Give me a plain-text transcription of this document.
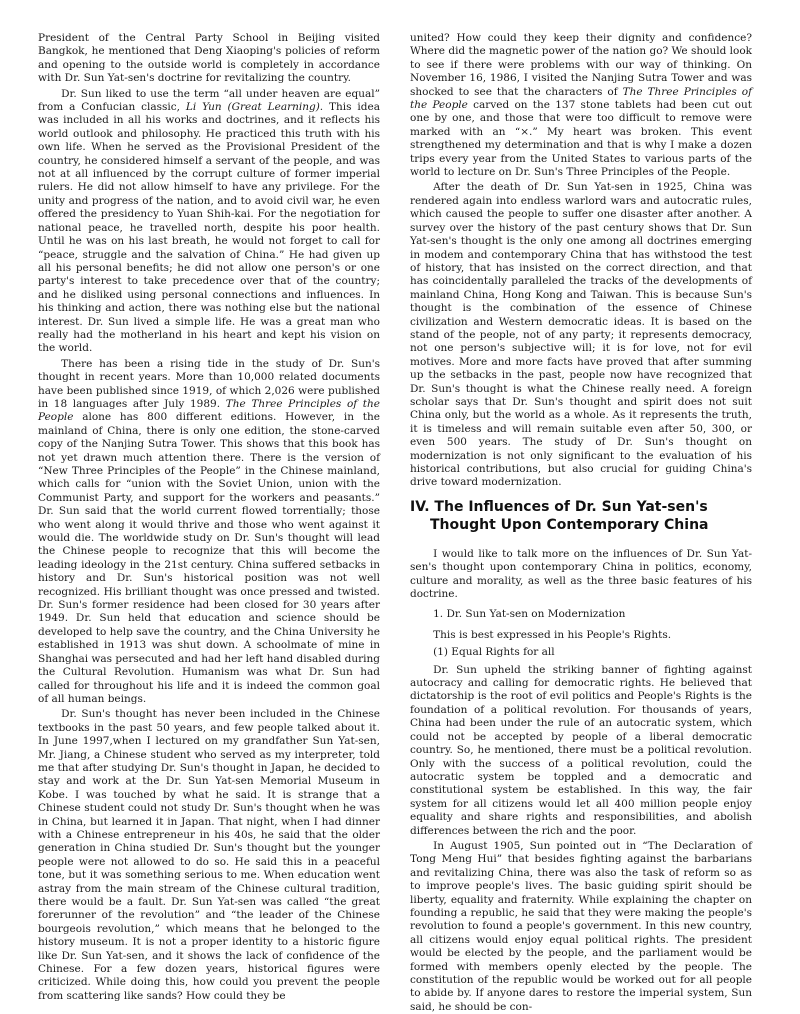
President of the Central Party School in Beijing visited Bangkok, he mentioned that Deng Xiaoping's policies of reform and opening to the outside world is completely in accordance with Dr. Sun Yat-sen's doctrine for revitalizing the country.

Dr. Sun liked to use the term “all under heaven are equal” from a Confucian classic, Li Yun (Great Learning). This idea was included in all his works and doctrines, and it reflects his world outlook and philosophy. He practiced this truth with his own life. When he served as the Provisional President of the country, he considered himself a servant of the people, and was not at all influenced by the corrupt culture of former imperial rulers. He did not allow himself to have any privilege. For the unity and progress of the nation, and to avoid civil war, he even offered the presidency to Yuan Shih-kai. For the negotiation for national peace, he travelled north, despite his poor health. Until he was on his last breath, he would not forget to call for “peace, struggle and the salvation of China.” He had given up all his personal benefits; he did not allow one person's or one party's interest to take precedence over that of the country; and he disliked using personal connections and influences. In his thinking and action, there was nothing else but the national interest. Dr. Sun lived a simple life. He was a great man who really had the motherland in his heart and kept his vision on the world.

There has been a rising tide in the study of Dr. Sun's thought in recent years. More than 10,000 related documents have been published since 1919, of which 2,026 were published in 18 languages after July 1989. The Three Principles of the People alone has 800 different editions. However, in the mainland of China, there is only one edition, the stone-carved copy of the Nanjing Sutra Tower. This shows that this book has not yet drawn much attention there. There is the version of “New Three Principles of the People” in the Chinese mainland, which calls for “union with the Soviet Union, union with the Communist Party, and support for the workers and peasants.” Dr. Sun said that the world current flowed torrentially; those who went along it would thrive and those who went against it would die. The worldwide study on Dr. Sun's thought will lead the Chinese people to recognize that this will become the leading ideology in the 21st century. China suffered setbacks in history and Dr. Sun's historical position was not well recognized. His brilliant thought was once pressed and twisted. Dr. Sun's former residence had been closed for 30 years after 1949. Dr. Sun held that education and science should be developed to help save the country, and the China University he established in 1913 was shut down. A schoolmate of mine in Shanghai was persecuted and had her left hand disabled during the Cultural Revolution. Humanism was what Dr. Sun had called for throughout his life and it is indeed the common goal of all human beings.

Dr. Sun's thought has never been included in the Chinese textbooks in the past 50 years, and few people talked about it. In June 1997,when I lectured on my grandfather Sun Yat-sen, Mr. Jiang, a Chinese student who served as my interpreter, told me that after studying Dr. Sun's thought in Japan, he decided to stay and work at the Dr. Sun Yat-sen Memorial Museum in Kobe. I was touched by what he said. It is strange that a Chinese student could not study Dr. Sun's thought when he was in China, but learned it in Japan. That night, when I had dinner with a Chinese entrepreneur in his 40s, he said that the older generation in China studied Dr. Sun's thought but the younger people were not allowed to do so. He said this in a peaceful tone, but it was something serious to me. When education went astray from the main stream of the Chinese cultural tradition, there would be a fault. Dr. Sun Yat-sen was called “the great forerunner of the revolution” and “the leader of the Chinese bourgeois revolution,” which means that he belonged to the history museum. It is not a proper identity to a historic figure like Dr. Sun Yat-sen, and it shows the lack of confidence of the Chinese. For a few dozen years, historical figures were criticized. While doing this, how could you prevent the people from scattering like sands? How could they be

united? How could they keep their dignity and confidence? Where did the magnetic power of the nation go? We should look to see if there were problems with our way of thinking. On November 16, 1986, I visited the Nanjing Sutra Tower and was shocked to see that the characters of The Three Principles of the People carved on the 137 stone tablets had been cut out one by one, and those that were too difficult to remove were marked with an “×.” My heart was broken. This event strengthened my determination and that is why I make a dozen trips every year from the United States to various parts of the world to lecture on Dr. Sun's Three Principles of the People.

After the death of Dr. Sun Yat-sen in 1925, China was rendered again into endless warlord wars and autocratic rules, which caused the people to suffer one disaster after another. A survey over the history of the past century shows that Dr. Sun Yat-sen's thought is the only one among all doctrines emerging in modem and contemporary China that has withstood the test of history, that has insisted on the correct direction, and that has coincidentally paralleled the tracks of the developments of mainland China, Hong Kong and Taiwan. This is because Sun's thought is the combination of the essence of Chinese civilization and Western democratic ideas. It is based on the stand of the people, not of any party; it represents democracy, not one person's subjective will; it is for love, not for evil motives. More and more facts have proved that after summing up the setbacks in the past, people now have recognized that Dr. Sun's thought is what the Chinese really need. A foreign scholar says that Dr. Sun's thought and spirit does not suit China only, but the world as a whole. As it represents the truth, it is timeless and will remain suitable even after 50, 300, or even 500 years. The study of Dr. Sun's thought on modernization is not only significant to the evaluation of his historical contributions, but also crucial for guiding China's drive toward modernization.

IV. The Influences of Dr. Sun Yat-sen's Thought Upon Contemporary China

I would like to talk more on the influences of Dr. Sun Yat-sen's thought upon contemporary China in politics, economy, culture and morality, as well as the three basic features of his doctrine.

1. Dr. Sun Yat-sen on Modernization

This is best expressed in his People's Rights.

(1) Equal Rights for all

Dr. Sun upheld the striking banner of fighting against autocracy and calling for democratic rights. He believed that dictatorship is the root of evil politics and People's Rights is the foundation of a political revolution. For thousands of years, China had been under the rule of an autocratic system, which could not be accepted by people of a liberal democratic country. So, he mentioned, there must be a political revolution. Only with the success of a political revolution, could the autocratic system be toppled and a democratic and constitutional system be established. In this way, the fair system for all citizens would let all 400 million people enjoy equality and share rights and responsibilities, and abolish differences between the rich and the poor.

In August 1905, Sun pointed out in “The Declaration of Tong Meng Hui” that besides fighting against the barbarians and revitalizing China, there was also the task of reform so as to improve people's lives. The basic guiding spirit should be liberty, equality and fraternity. While explaining the chapter on founding a republic, he said that they were making the people's revolution to found a people's government. In this new country, all citizens would enjoy equal political rights. The president would be elected by the people, and the parliament would be formed with members openly elected by the people. The constitution of the republic would be worked out for all people to abide by. If anyone dares to restore the imperial system, Sun said, he should be con-
